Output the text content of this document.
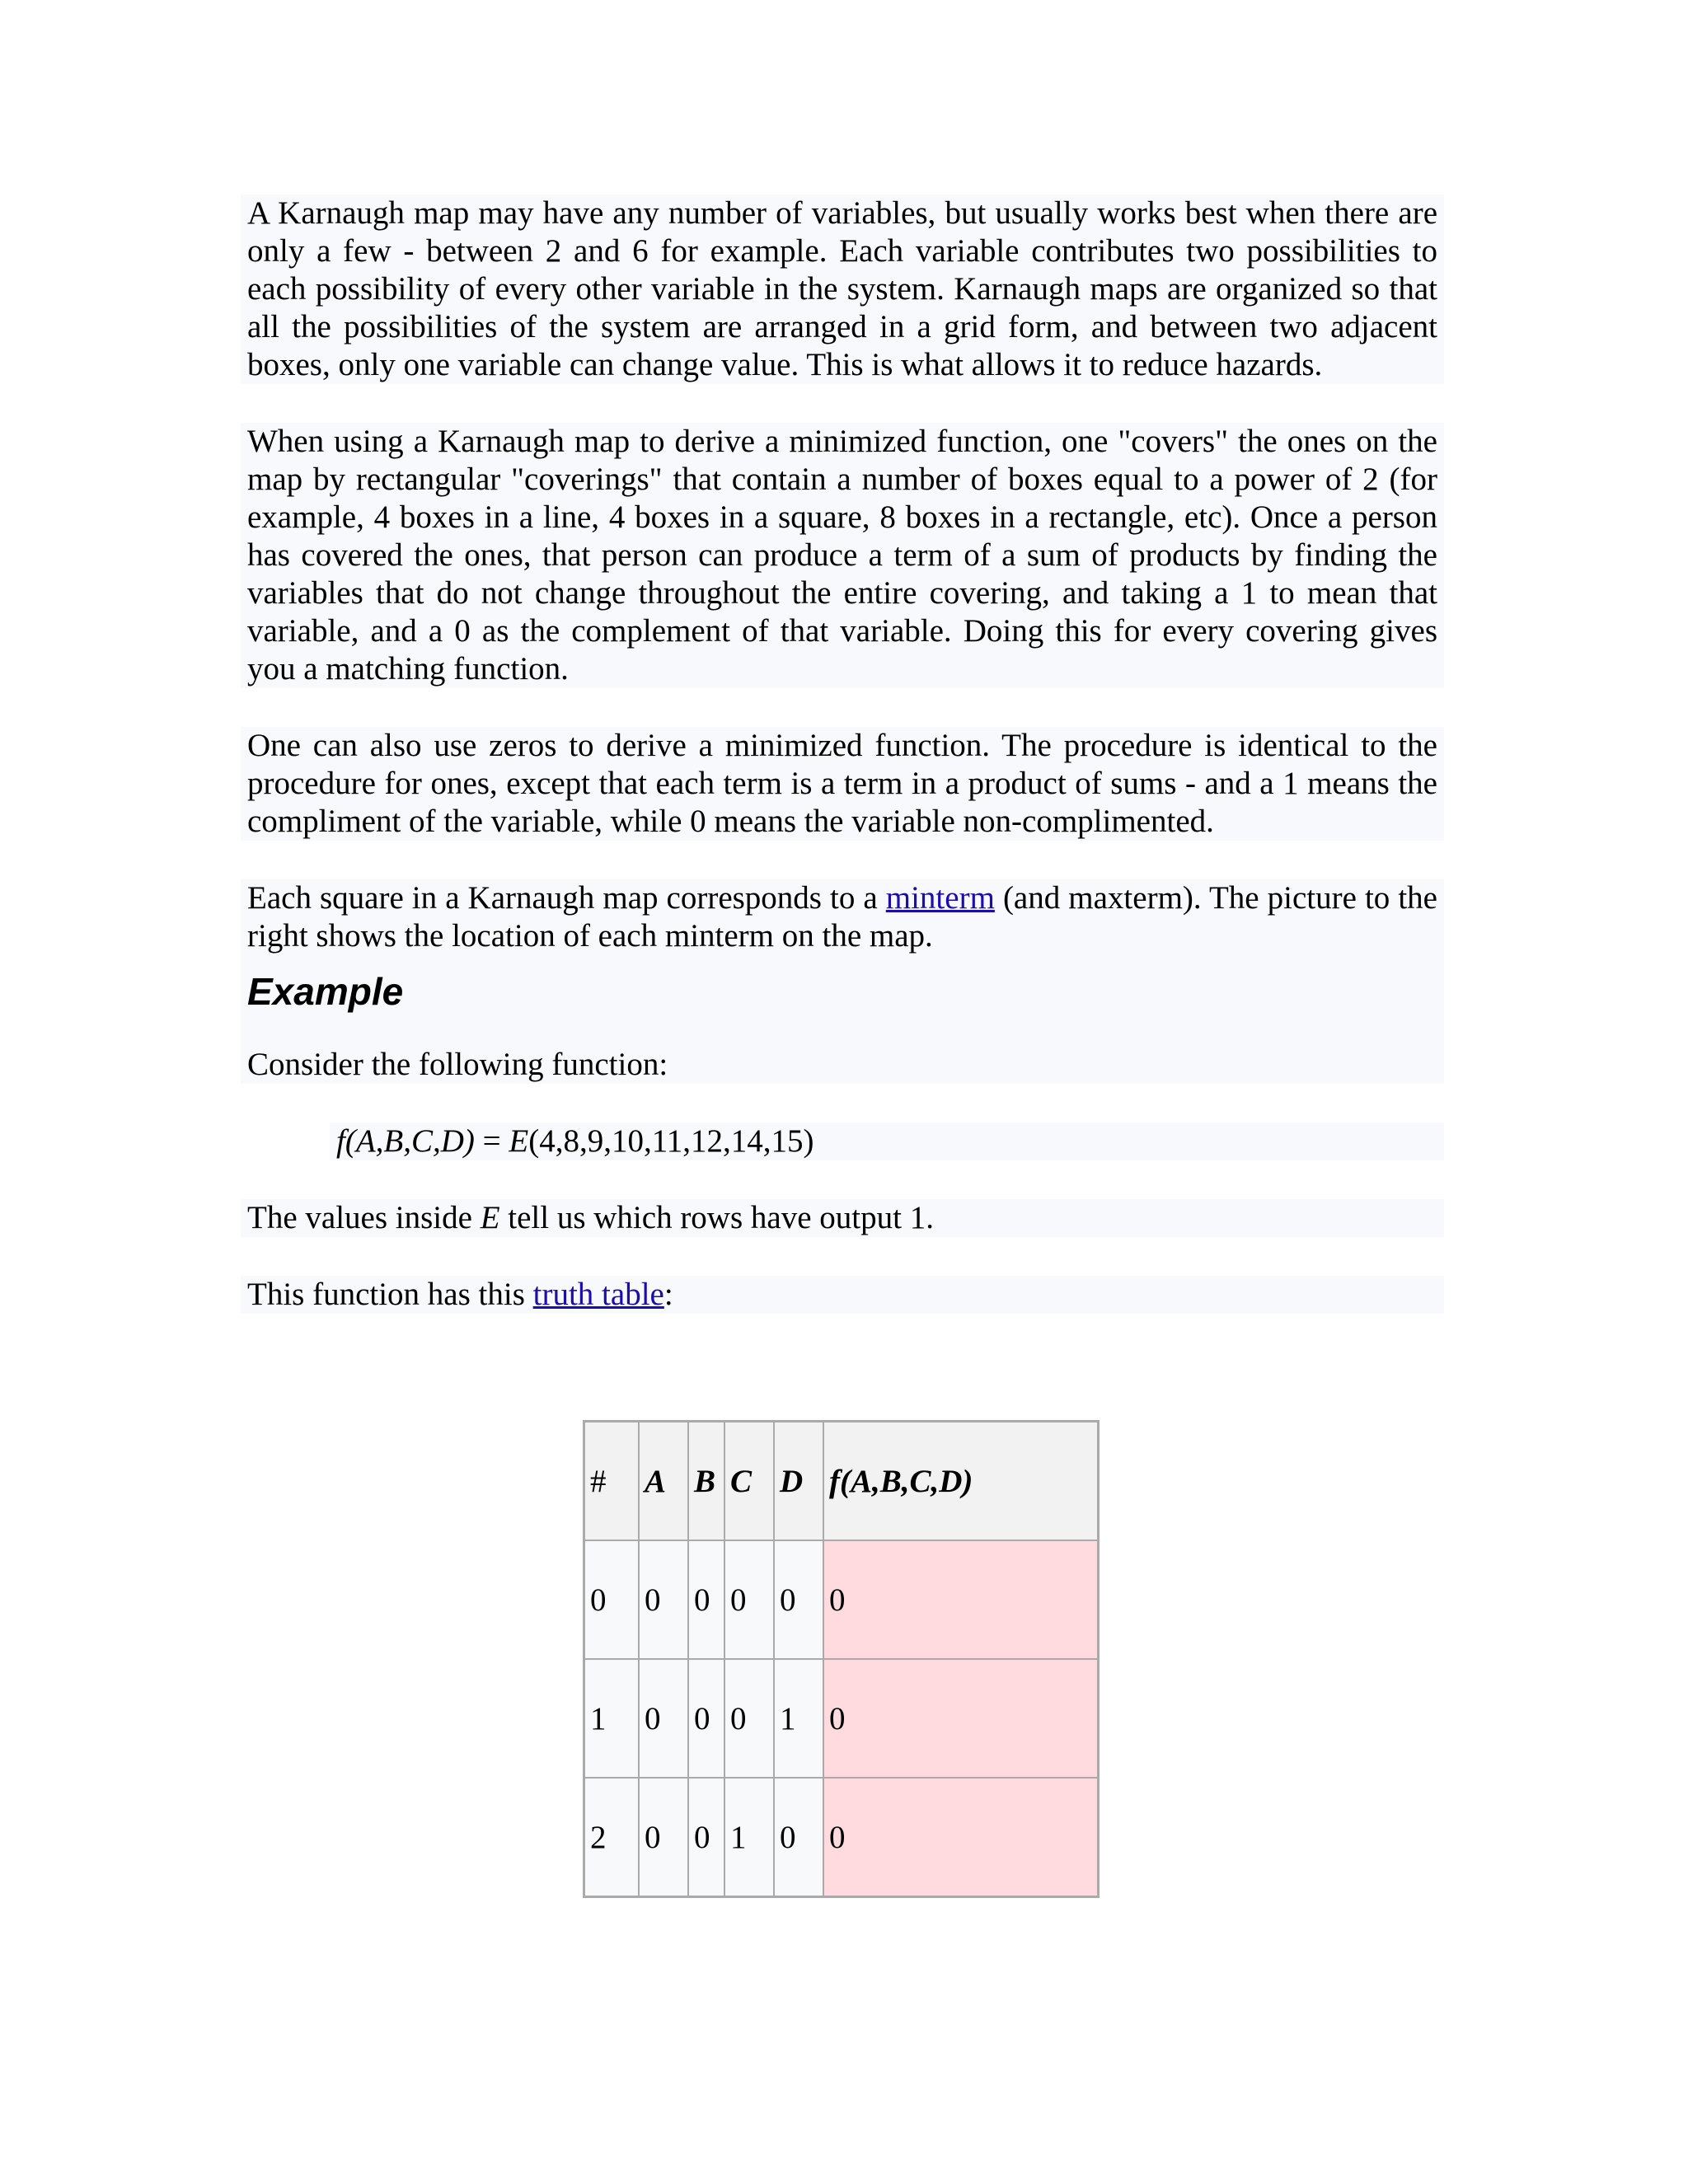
A Karnaugh map may have any number of variables, but usually works best when there are only a few - between 2 and 6 for example. Each variable contributes two possibilities to each possibility of every other variable in the system. Karnaugh maps are organized so that all the possibilities of the system are arranged in a grid form, and between two adjacent boxes, only one variable can change value. This is what allows it to reduce hazards.

When using a Karnaugh map to derive a minimized function, one "covers" the ones on the map by rectangular "coverings" that contain a number of boxes equal to a power of 2 (for example, 4 boxes in a line, 4 boxes in a square, 8 boxes in a rectangle, etc). Once a person has covered the ones, that person can produce a term of a sum of products by finding the variables that do not change throughout the entire covering, and taking a 1 to mean that variable, and a 0 as the complement of that variable. Doing this for every covering gives you a matching function.

One can also use zeros to derive a minimized function. The procedure is identical to the procedure for ones, except that each term is a term in a product of sums - and a 1 means the compliment of the variable, while 0 means the variable non-complimented.

Each square in a Karnaugh map corresponds to a minterm (and maxterm). The picture to the right shows the location of each minterm on the map.

Example

Consider the following function:

f(A,B,C,D) = E(4,8,9,10,11,12,14,15)

The values inside E tell us which rows have output 1.

This function has this truth table:

#	A	B	C	D	f(A,B,C,D)
0	0	0	0	0	0
1	0	0	0	1	0
2	0	0	1	0	0
